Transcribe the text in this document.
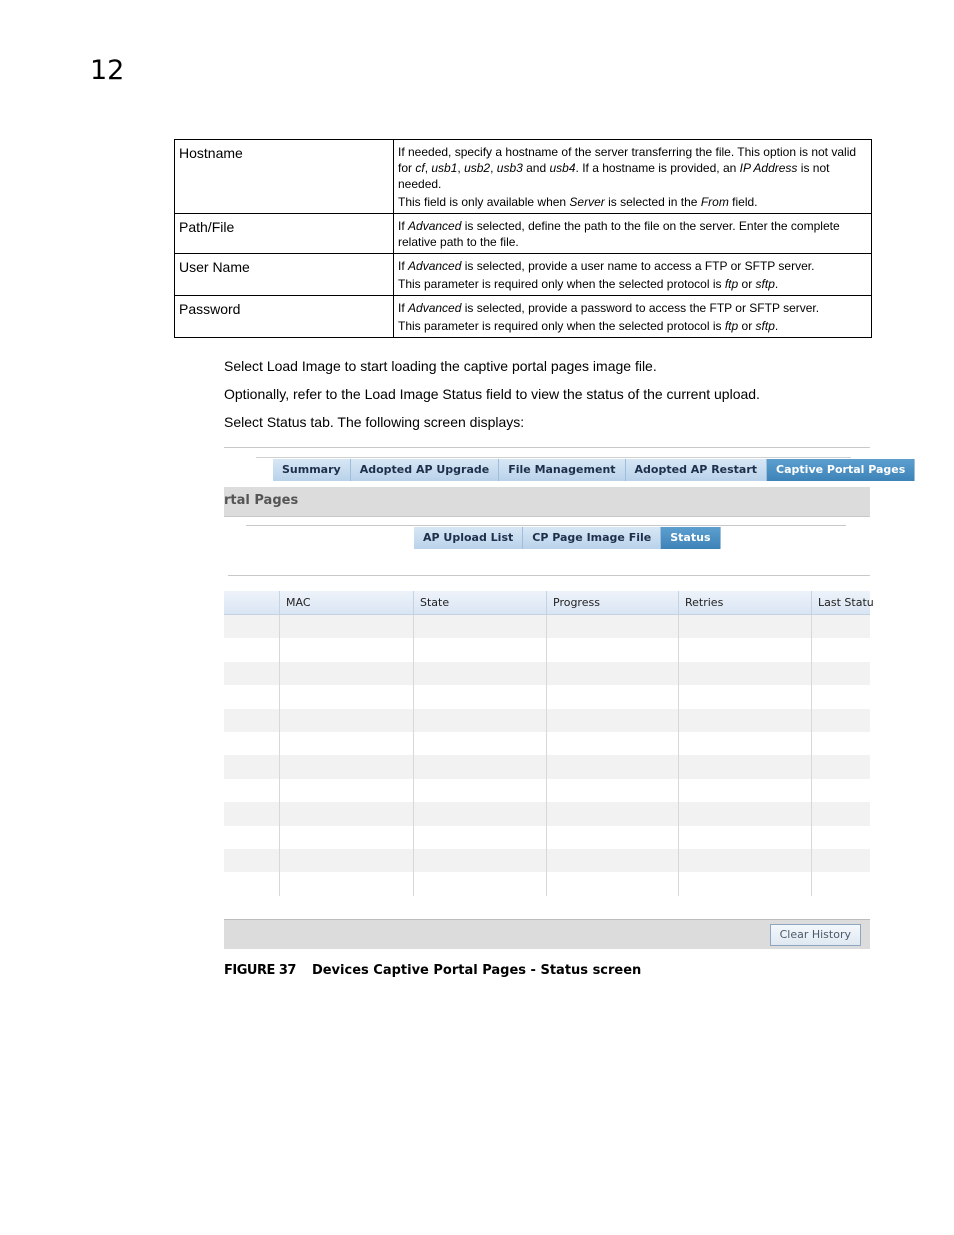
12
Hostname	If needed, specify a hostname of the server transferring the file. This option is not valid for cf, usb1, usb2, usb3 and usb4. If a hostname is provided, an IP Address is not needed.

This field is only available when Server is selected in the From field.

Path/File	If Advanced is selected, define the path to the file on the server. Enter the complete relative path to the file.

User Name	If Advanced is selected, provide a user name to access a FTP or SFTP server.

This parameter is required only when the selected protocol is ftp or sftp.

Password	If Advanced is selected, provide a password to access the FTP or SFTP server.

This parameter is required only when the selected protocol is ftp or sftp.

Select Load Image to start loading the captive portal pages image file.
Optionally, refer to the Load Image Status field to view the status of the current upload.
Select Status tab. The following screen displays:
Summary	Adopted AP Upgrade	File Management	Adopted AP Restart	Captive Portal Pages
rtal Pages
AP Upload List	CP Page Image File	Status
MAC	State	Progress	Retries	Last Statu
Clear History
FIGURE 37 Devices Captive Portal Pages - Status screen
